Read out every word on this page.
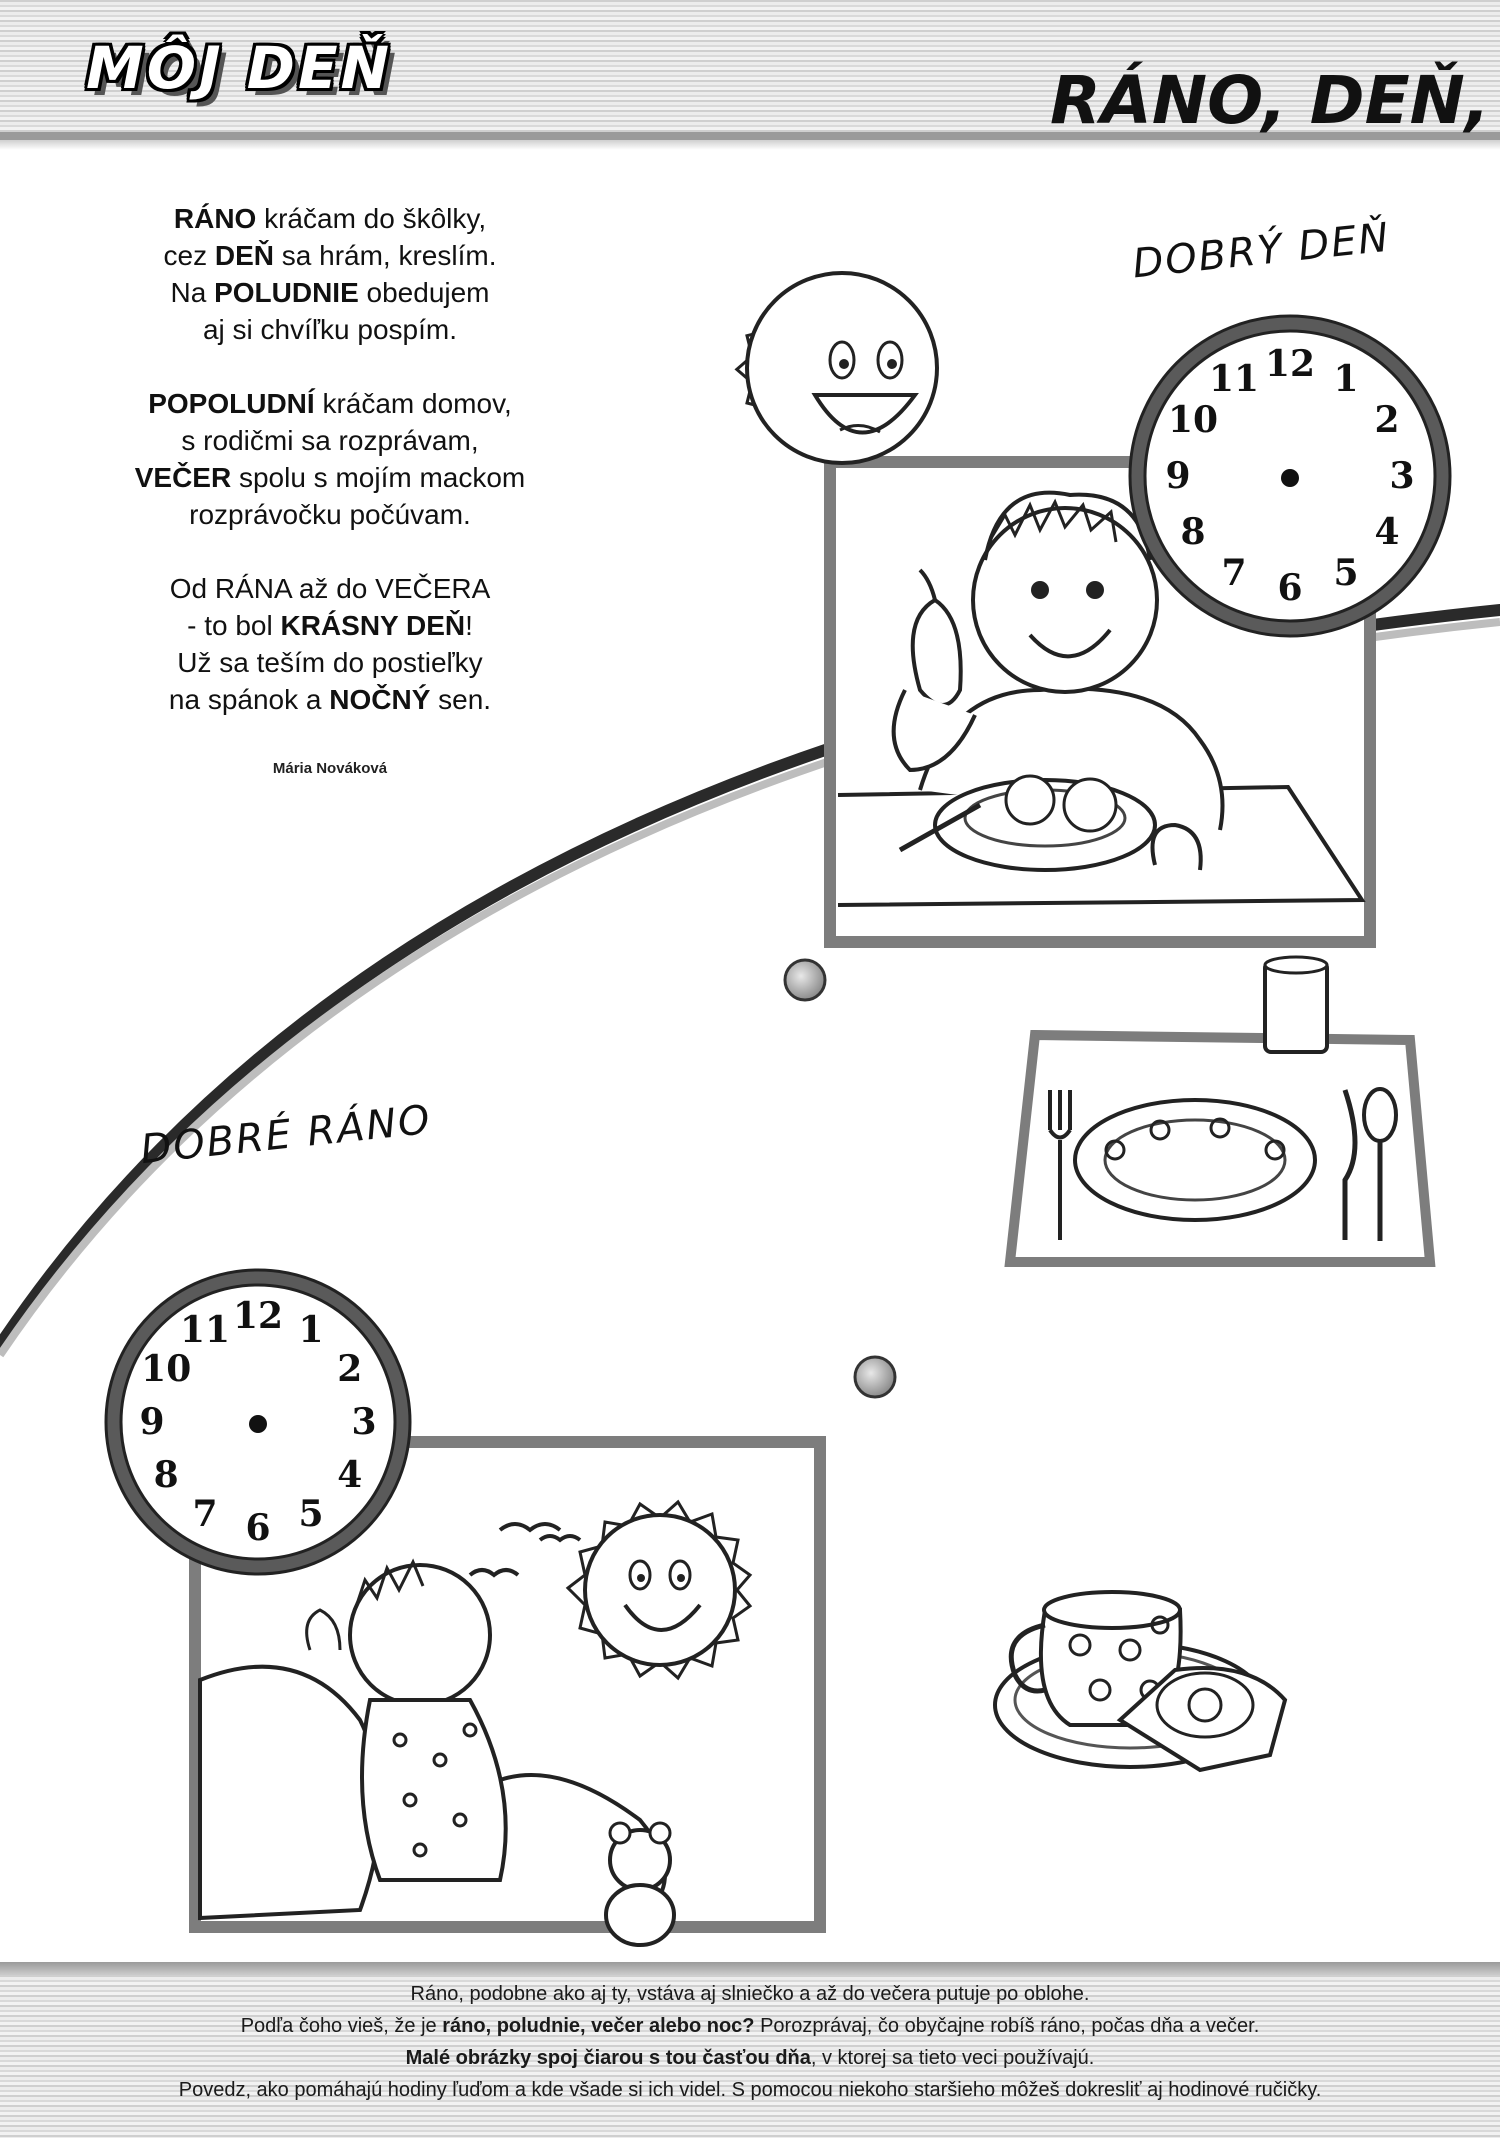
MÔJ DEŇ	RÁNO, DEŇ,
12 1
2
3
4
5
6
7
8
9
10
11
12 1
2
3
4
5
6
7
8
9
10
11
DOBRÝ DEŇ
DOBRÉ RÁNO

RÁNO kráčam do škôlky,
cez DEŇ sa hrám, kreslím.
Na POLUDNIE obedujem
aj si chvíľku pospím.

POPOLUDNÍ kráčam domov,
s rodičmi sa rozprávam,
VEČER spolu s mojím mackom
rozprávočku počúvam.

Od RÁNA až do VEČERA
- to bol KRÁSNY DEŇ!
Už sa teším do postieľky
na spánok a NOČNÝ sen.

Mária Nováková
Ráno, podobne ako aj ty, vstáva aj slniečko a až do večera putuje po oblohe.
Podľa čoho vieš, že je ráno, poludnie, večer alebo noc? Porozprávaj, čo obyčajne robíš ráno, počas dňa a večer.
Malé obrázky spoj čiarou s tou časťou dňa, v ktorej sa tieto veci používajú.
Povedz, ako pomáhajú hodiny ľuďom a kde všade si ich videl. S pomocou niekoho staršieho môžeš dokresliť aj hodinové ručičky.
